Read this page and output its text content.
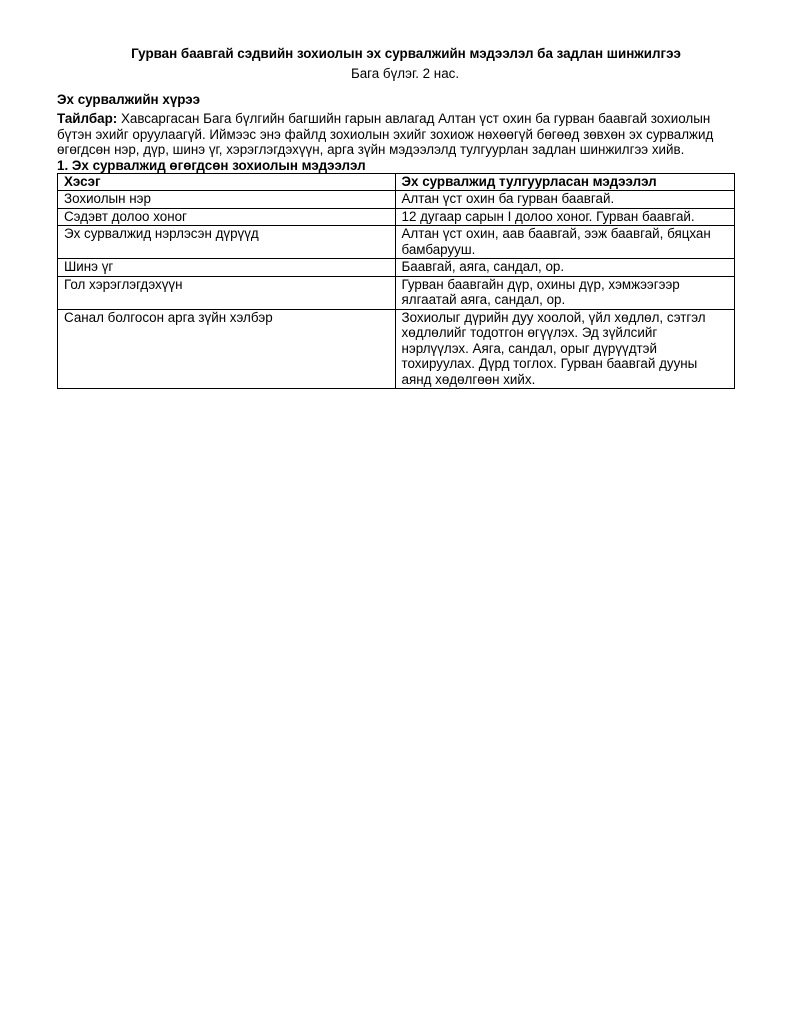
Гурван баавгай сэдвийн зохиолын эх сурвалжийн мэдээлэл ба задлан шинжилгээ

Бага бүлэг. 2 нас.

Эх сурвалжийн хүрээ

Тайлбар: Хавсаргасан Бага бүлгийн багшийн гарын авлагад Алтан үст охин ба гурван баавгай зохиолын бүтэн эхийг оруулаагүй. Иймээс энэ файлд зохиолын эхийг зохиож нөхөөгүй бөгөөд зөвхөн эх сурвалжид өгөгдсөн нэр, дүр, шинэ үг, хэрэглэгдэхүүн, арга зүйн мэдээлэлд тулгуурлан задлан шинжилгээ хийв.

1. Эх сурвалжид өгөгдсөн зохиолын мэдээлэл

Хэсэг	Эх сурвалжид тулгуурласан мэдээлэл
Зохиолын нэр	Алтан үст охин ба гурван баавгай.
Сэдэвт долоо хоног	12 дугаар сарын I долоо хоног. Гурван баавгай.
Эх сурвалжид нэрлэсэн дүрүүд	Алтан үст охин, аав баавгай, ээж баавгай, бяцхан бамбарууш.
Шинэ үг	Баавгай, аяга, сандал, ор.
Гол хэрэглэгдэхүүн	Гурван баавгайн дүр, охины дүр, хэмжээгээр ялгаатай аяга, сандал, ор.
Санал болгосон арга зүйн хэлбэр	Зохиолыг дүрийн дуу хоолой, үйл хөдлөл, сэтгэл хөдлөлийг тодотгон өгүүлэх. Эд зүйлсийг нэрлүүлэх. Аяга, сандал, орыг дүрүүдтэй тохируулах. Дүрд тоглох. Гурван баавгай дууны аянд хөдөлгөөн хийх.
